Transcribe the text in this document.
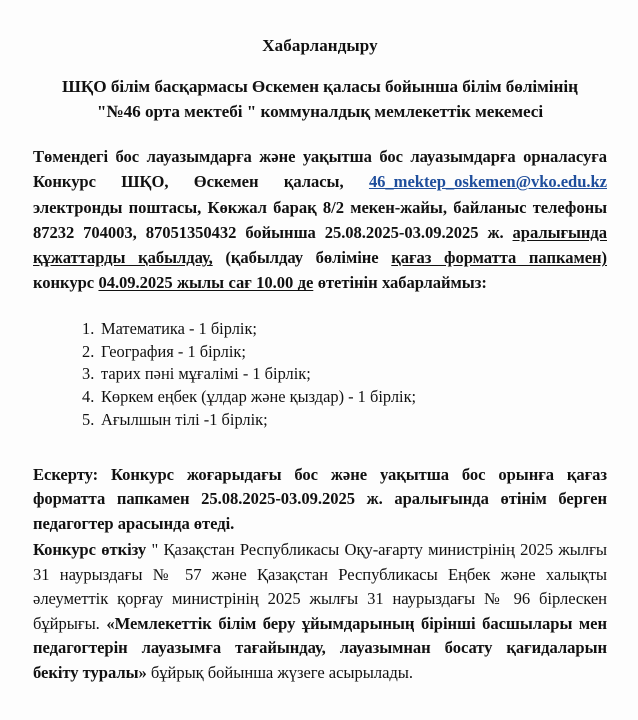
Хабарландыру
ШҚО білім басқармасы Өскемен қаласы бойынша білім бөлімінің
"№46 орта мектебі " коммуналдық мемлекеттік мекемесі

Төмендегі бос лауазымдарға және уақытша бос лауазымдарға орналасуға Конкурс ШҚО, Өскемен қаласы, 46_mektep_oskemen@vko.edu.kz электронды поштасы, Көкжал барақ 8/2 мекен-жайы, байланыс телефоны 87232 704003, 87051350432 бойынша 25.08.2025-03.09.2025 ж. аралығында құжаттарды қабылдау, (қабылдау бөліміне қағаз форматта папкамен) конкурс 04.09.2025 жылы сағ 10.00 де өтетінін хабарлаймыз:

1. Математика - 1 бірлік;
2. География - 1 бірлік;
3. тарих пәні мұғалімі - 1 бірлік;
4. Көркем еңбек (ұлдар және қыздар) - 1 бірлік;
5. Ағылшын тілі -1 бірлік;

Ескерту: Конкурс жоғарыдағы бос және уақытша бос орынға қағаз форматта папкамен 25.08.2025-03.09.2025 ж. аралығында өтінім берген педагогтер арасында өтеді.

Конкурс өткізу " Қазақстан Республикасы Оқу-ағарту министрінің 2025 жылғы 31 наурыздағы № 57 және Қазақстан Республикасы Еңбек және халықты әлеуметтік қорғау министрінің 2025 жылғы 31 наурыздағы № 96 бірлескен бұйрығы. «Мемлекеттік білім беру ұйымдарының бірінші басшылары мен педагогтерін лауазымға тағайындау, лауазымнан босату қағидаларын бекіту туралы» бұйрық бойынша жүзеге асырылады.
